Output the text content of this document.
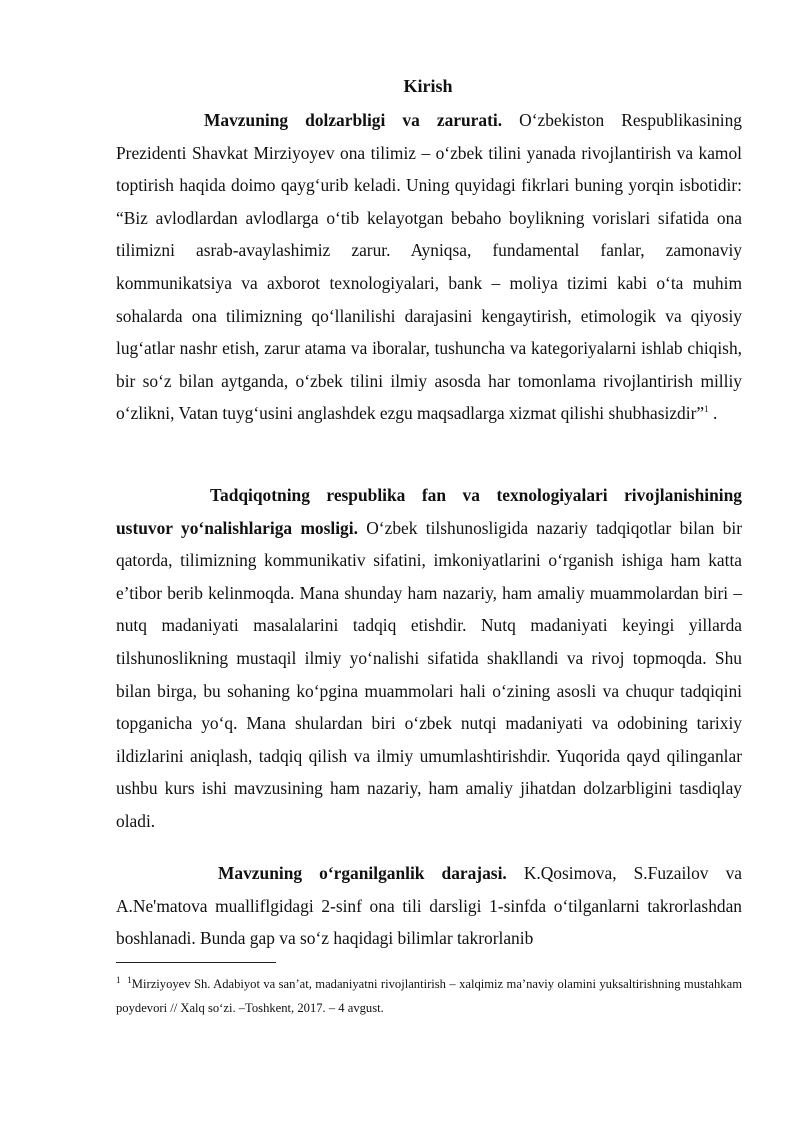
Kirish

Mavzuning dolzarbligi va zarurati. O‘zbekiston Respublikasining Prezidenti Shavkat Mirziyoyev ona tilimiz – o‘zbek tilini yanada rivojlantirish va kamol toptirish haqida doimo qayg‘urib keladi. Uning quyidagi fikrlari buning yorqin isbotidir: “Biz avlodlardan avlodlarga o‘tib kelayotgan bebaho boylikning vorislari sifatida ona tilimizni asrab-avaylashimiz zarur. Ayniqsa, fundamental fanlar, zamonaviy kommunikatsiya va axborot texnologiyalari, bank – moliya tizimi kabi o‘ta muhim sohalarda ona tilimizning qo‘llanilishi darajasini kengaytirish, etimologik va qiyosiy lug‘atlar nashr etish, zarur atama va iboralar, tushuncha va kategoriyalarni ishlab chiqish, bir so‘z bilan aytganda, o‘zbek tilini ilmiy asosda har tomonlama rivojlantirish milliy o‘zlikni, Vatan tuyg‘usini anglashdek ezgu maqsadlarga xizmat qilishi shubhasizdir”$^1$ .

Tadqiqotning respublika fan va texnologiyalari rivojlanishining ustuvor yo‘nalishlariga mosligi. O‘zbek tilshunosligida nazariy tadqiqotlar bilan bir qatorda, tilimizning kommunikativ sifatini, imkoniyatlarini o‘rganish ishiga ham katta e’tibor berib kelinmoqda. Mana shunday ham nazariy, ham amaliy muammolardan biri – nutq madaniyati masalalarini tadqiq etishdir. Nutq madaniyati keyingi yillarda tilshunoslikning mustaqil ilmiy yo‘nalishi sifatida shakllandi va rivoj topmoqda. Shu bilan birga, bu sohaning ko‘pgina muammolari hali o‘zining asosli va chuqur tadqiqini topganicha yo‘q. Mana shulardan biri o‘zbek nutqi madaniyati va odobining tarixiy ildizlarini aniqlash, tadqiq qilish va ilmiy umumlashtirishdir. Yuqorida qayd qilinganlar ushbu kurs ishi mavzusining ham nazariy, ham amaliy jihatdan dolzarbligini tasdiqlay oladi.

Mavzuning o‘rganilganlik darajasi. K.Qosimova, S.Fuzailov va A.Ne'matova mualliflgidagi 2-sinf ona tili darsligi 1-sinfda o‘tilganlarni takrorlashdan boshlanadi. Bunda gap va so‘z haqidagi bilimlar takrorlanib

$^1$ $^1$Mirziyoyev Sh. Adabiyot va san’at, madaniyatni rivojlantirish – xalqimiz ma’naviy olamini yuksaltirishning mustahkam poydevori // Xalq so‘zi. –Toshkent, 2017. – 4 avgust.
